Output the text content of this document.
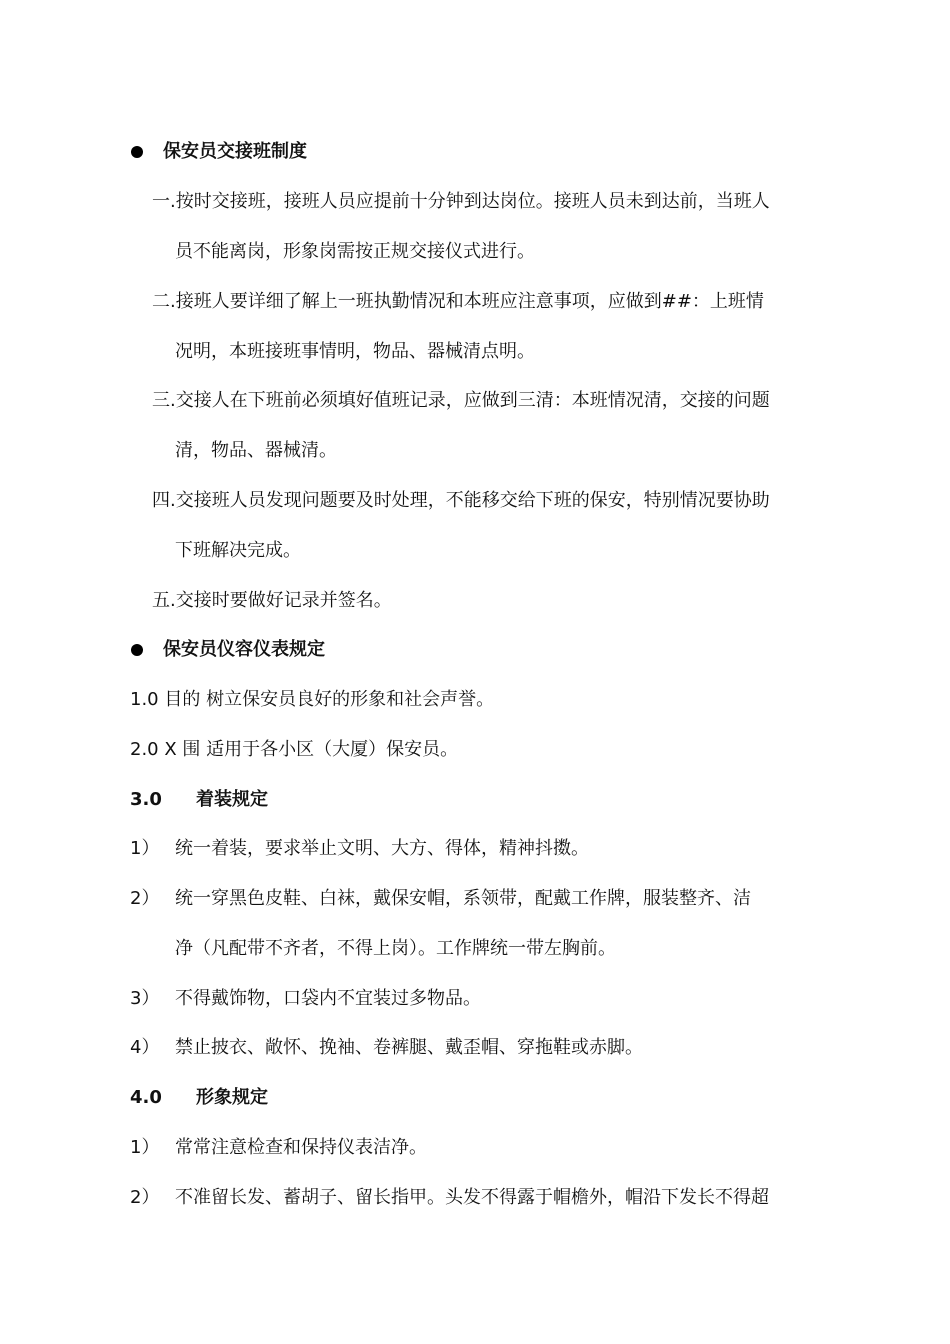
保安员交接班制度
一.按时交接班，接班人员应提前十分钟到达岗位。接班人员未到达前，当班人
员不能离岗，形象岗需按正规交接仪式进行。
二.接班人要详细了解上一班执勤情况和本班应注意事项，应做到##：上班情
况明，本班接班事情明，物品、器械清点明。
三.交接人在下班前必须填好值班记录，应做到三清：本班情况清，交接的问题
清，物品、器械清。
四.交接班人员发现问题要及时处理，不能移交给下班的保安，特别情况要协助
下班解决完成。
五.交接时要做好记录并签名。
保安员仪容仪表规定
1.0 目的 树立保安员良好的形象和社会声誉。
2.0 X 围 适用于各小区（大厦）保安员。
3.0 着装规定
1） 统一着装，要求举止文明、大方、得体，精神抖擞。
2） 统一穿黑色皮鞋、白袜，戴保安帽，系领带，配戴工作牌，服装整齐、洁
净（凡配带不齐者，不得上岗）。工作牌统一带左胸前。
3） 不得戴饰物，口袋内不宜装过多物品。
4） 禁止披衣、敞怀、挽袖、卷裤腿、戴歪帽、穿拖鞋或赤脚。
4.0 形象规定
1） 常常注意检查和保持仪表洁净。
2） 不准留长发、蓄胡子、留长指甲。头发不得露于帽檐外，帽沿下发长不得超
